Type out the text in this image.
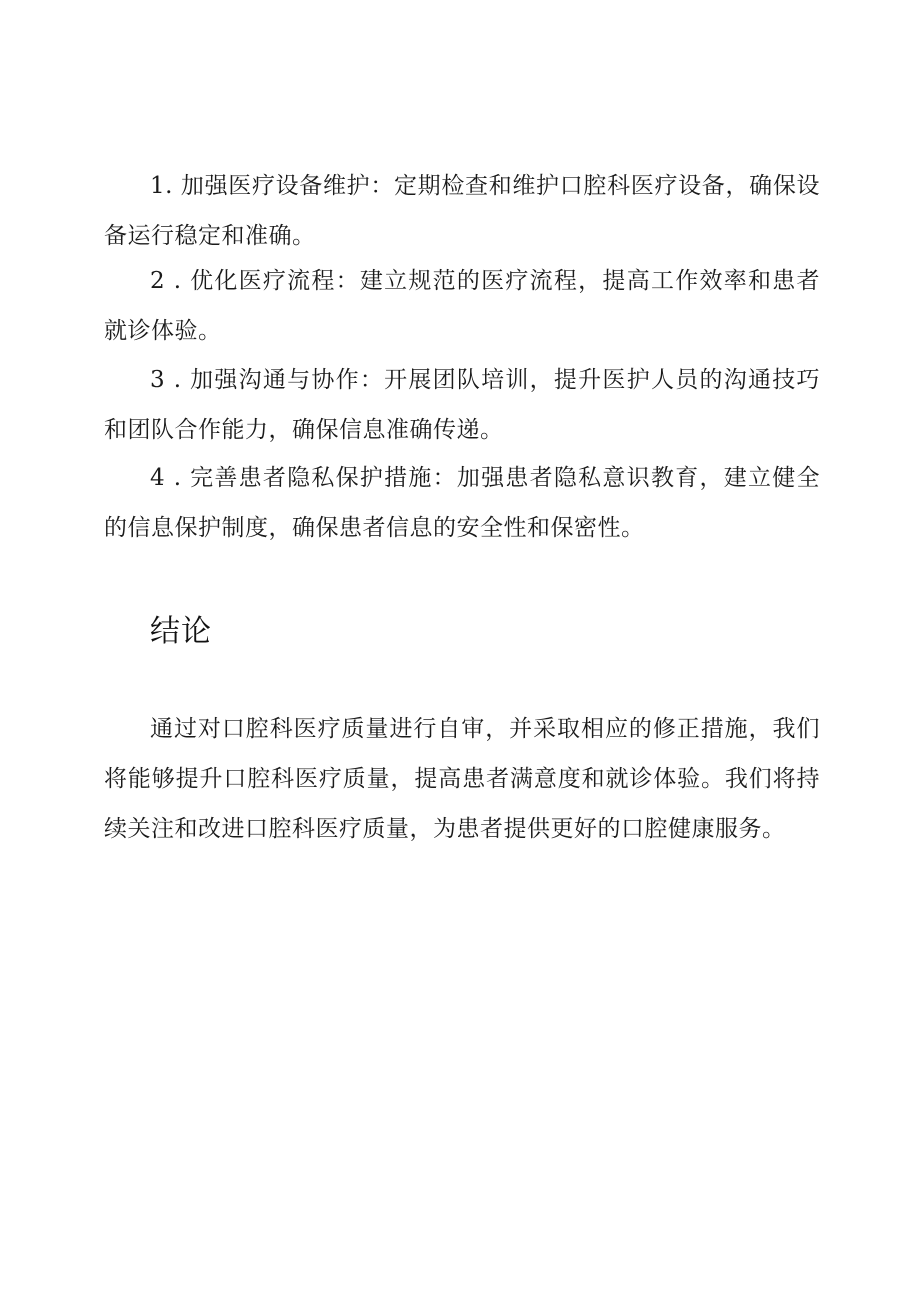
1. 加强医疗设备维护：定期检查和维护口腔科医疗设备，确保设备运行稳定和准确。

2 . 优化医疗流程：建立规范的医疗流程，提高工作效率和患者就诊体验。

3 . 加强沟通与协作：开展团队培训，提升医护人员的沟通技巧和团队合作能力，确保信息准确传递。

4 . 完善患者隐私保护措施：加强患者隐私意识教育，建立健全的信息保护制度，确保患者信息的安全性和保密性。

结论

通过对口腔科医疗质量进行自审，并采取相应的修正措施，我们将能够提升口腔科医疗质量，提高患者满意度和就诊体验。我们将持续关注和改进口腔科医疗质量，为患者提供更好的口腔健康服务。
